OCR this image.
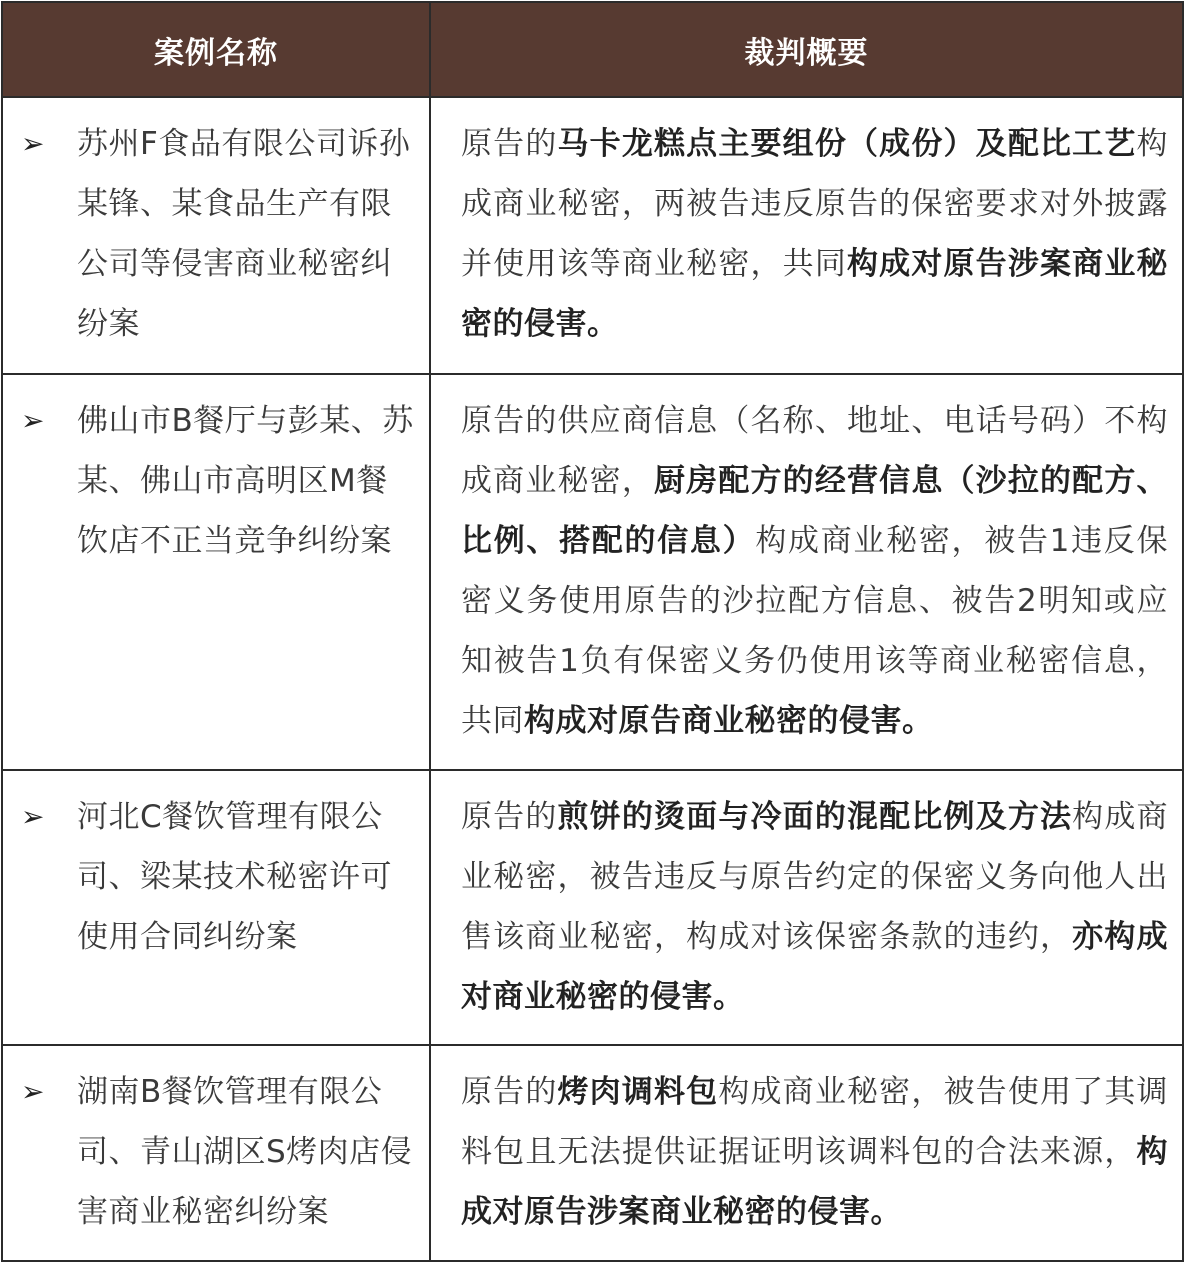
案例名称	裁判概要

➢ 苏州F食品有限公司诉孙某锋、某食品生产有限公司等侵害商业秘密纠纷案	原告的马卡龙糕点主要组份（成份）及配比工艺构成商业秘密，两被告违反原告的保密要求对外披露并使用该等商业秘密，共同构成对原告涉案商业秘密的侵害。

➢ 佛山市B餐厅与彭某、苏某、佛山市高明区M餐饮店不正当竞争纠纷案	原告的供应商信息（名称、地址、电话号码）不构成商业秘密，厨房配方的经营信息（沙拉的配方、比例、搭配的信息）构成商业秘密，被告1违反保密义务使用原告的沙拉配方信息、被告2明知或应知被告1负有保密义务仍使用该等商业秘密信息，共同构成对原告商业秘密的侵害。

➢ 河北C餐饮管理有限公司、梁某技术秘密许可使用合同纠纷案	原告的煎饼的烫面与冷面的混配比例及方法构成商业秘密，被告违反与原告约定的保密义务向他人出售该商业秘密，构成对该保密条款的违约，亦构成对商业秘密的侵害。

➢ 湖南B餐饮管理有限公司、青山湖区S烤肉店侵害商业秘密纠纷案	原告的烤肉调料包构成商业秘密，被告使用了其调料包且无法提供证据证明该调料包的合法来源，构成对原告涉案商业秘密的侵害。
